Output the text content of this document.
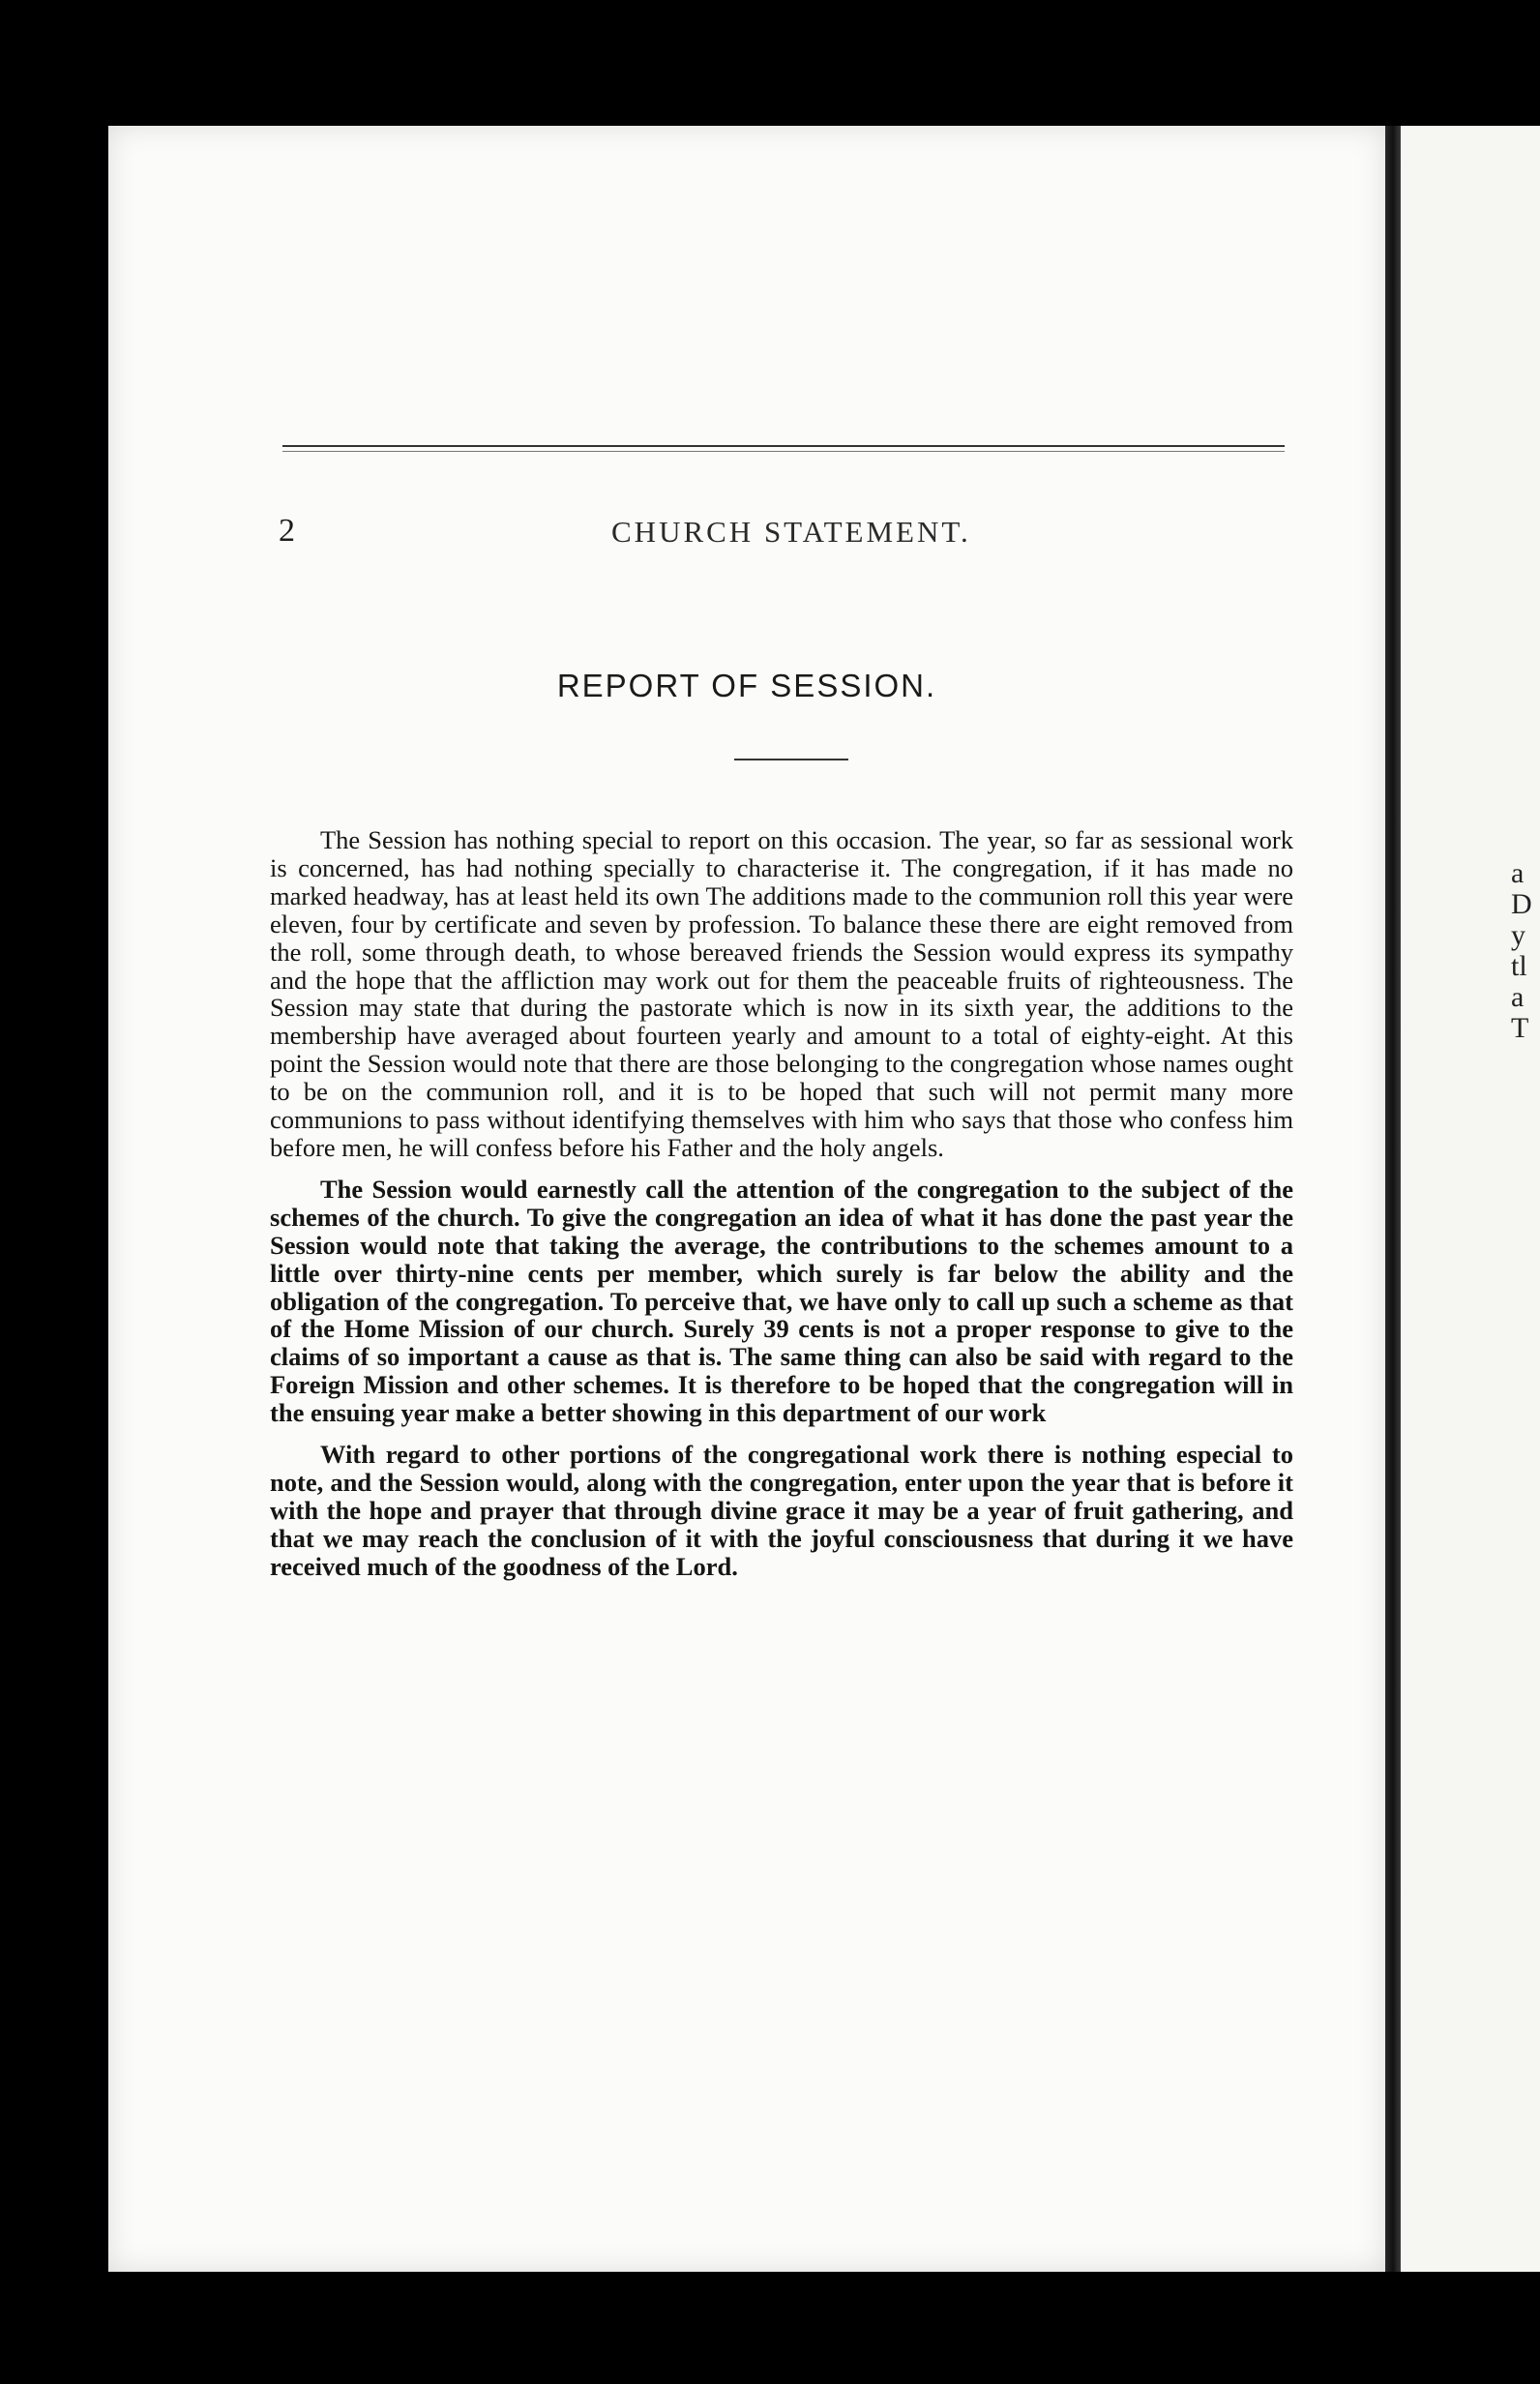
2	CHURCH STATEMENT.
REPORT OF SESSION.

The Session has nothing special to report on this occasion. The year, so far as sessional work is concerned, has had nothing specially to characterise it. The congregation, if it has made no marked headway, has at least held its own The additions made to the communion roll this year were eleven, four by certificate and seven by profession. To balance these there are eight removed from the roll, some through death, to whose bereaved friends the Session would express its sympathy and the hope that the affliction may work out for them the peaceable fruits of righteousness. The Session may state that during the pastorate which is now in its sixth year, the additions to the membership have averaged about fourteen yearly and amount to a total of eighty-eight. At this point the Session would note that there are those belonging to the congregation whose names ought to be on the communion roll, and it is to be hoped that such will not permit many more communions to pass without identifying themselves with him who says that those who confess him before men, he will confess before his Father and the holy angels.

The Session would earnestly call the attention of the congregation to the subject of the schemes of the church. To give the congregation an idea of what it has done the past year the Session would note that taking the average, the contributions to the schemes amount to a little over thirty-nine cents per member, which surely is far below the ability and the obligation of the congregation. To perceive that, we have only to call up such a scheme as that of the Home Mission of our church. Surely 39 cents is not a proper response to give to the claims of so important a cause as that is. The same thing can also be said with regard to the Foreign Mission and other schemes. It is therefore to be hoped that the congregation will in the ensuing year make a better showing in this department of our work

With regard to other portions of the congregational work there is nothing especial to note, and the Session would, along with the congregation, enter upon the year that is before it with the hope and prayer that through divine grace it may be a year of fruit gathering, and that we may reach the conclusion of it with the joyful consciousness that during it we have received much of the goodness of the Lord.

a
D
y
tl
a
T
